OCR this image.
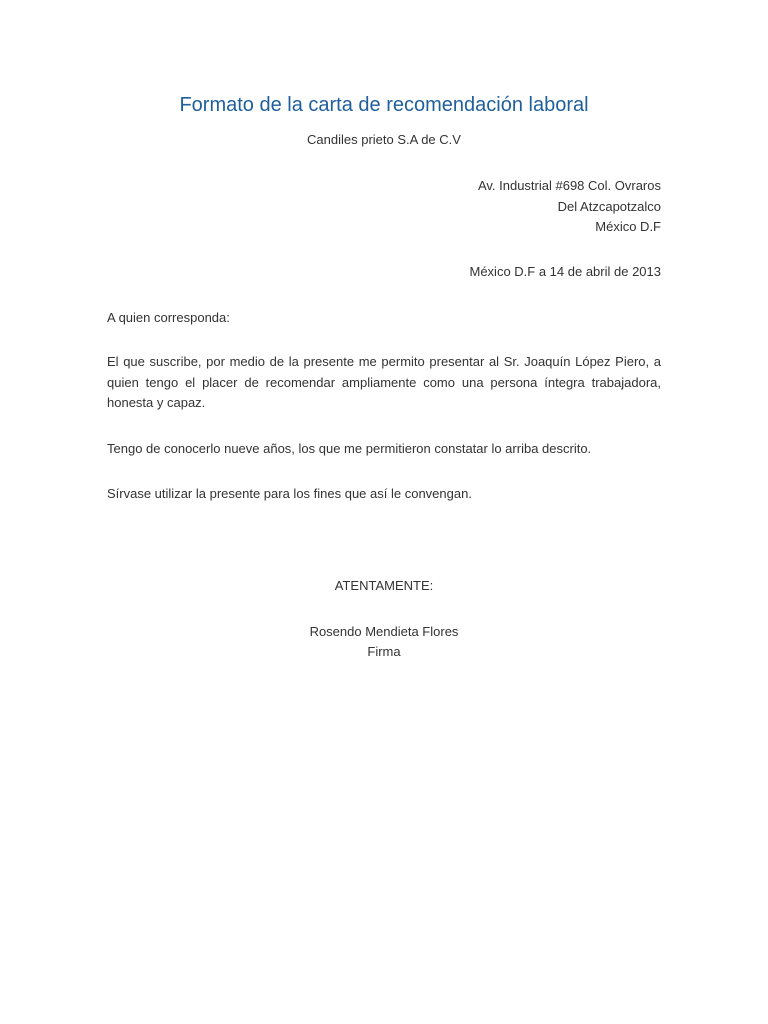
Formato de la carta de recomendación laboral
Candiles prieto S.A de C.V
Av. Industrial #698 Col. Ovraros
Del Atzcapotzalco
México D.F
México D.F a 14 de abril de 2013
A quien corresponda:
El que suscribe, por medio de la presente me permito presentar al Sr. Joaquín López Piero, a quien tengo el placer de recomendar ampliamente como una persona íntegra trabajadora, honesta y capaz.
Tengo de conocerlo nueve años, los que me permitieron constatar lo arriba descrito.
Sírvase utilizar la presente para los fines que así le convengan.
ATENTAMENTE:
Rosendo Mendieta Flores
Firma
